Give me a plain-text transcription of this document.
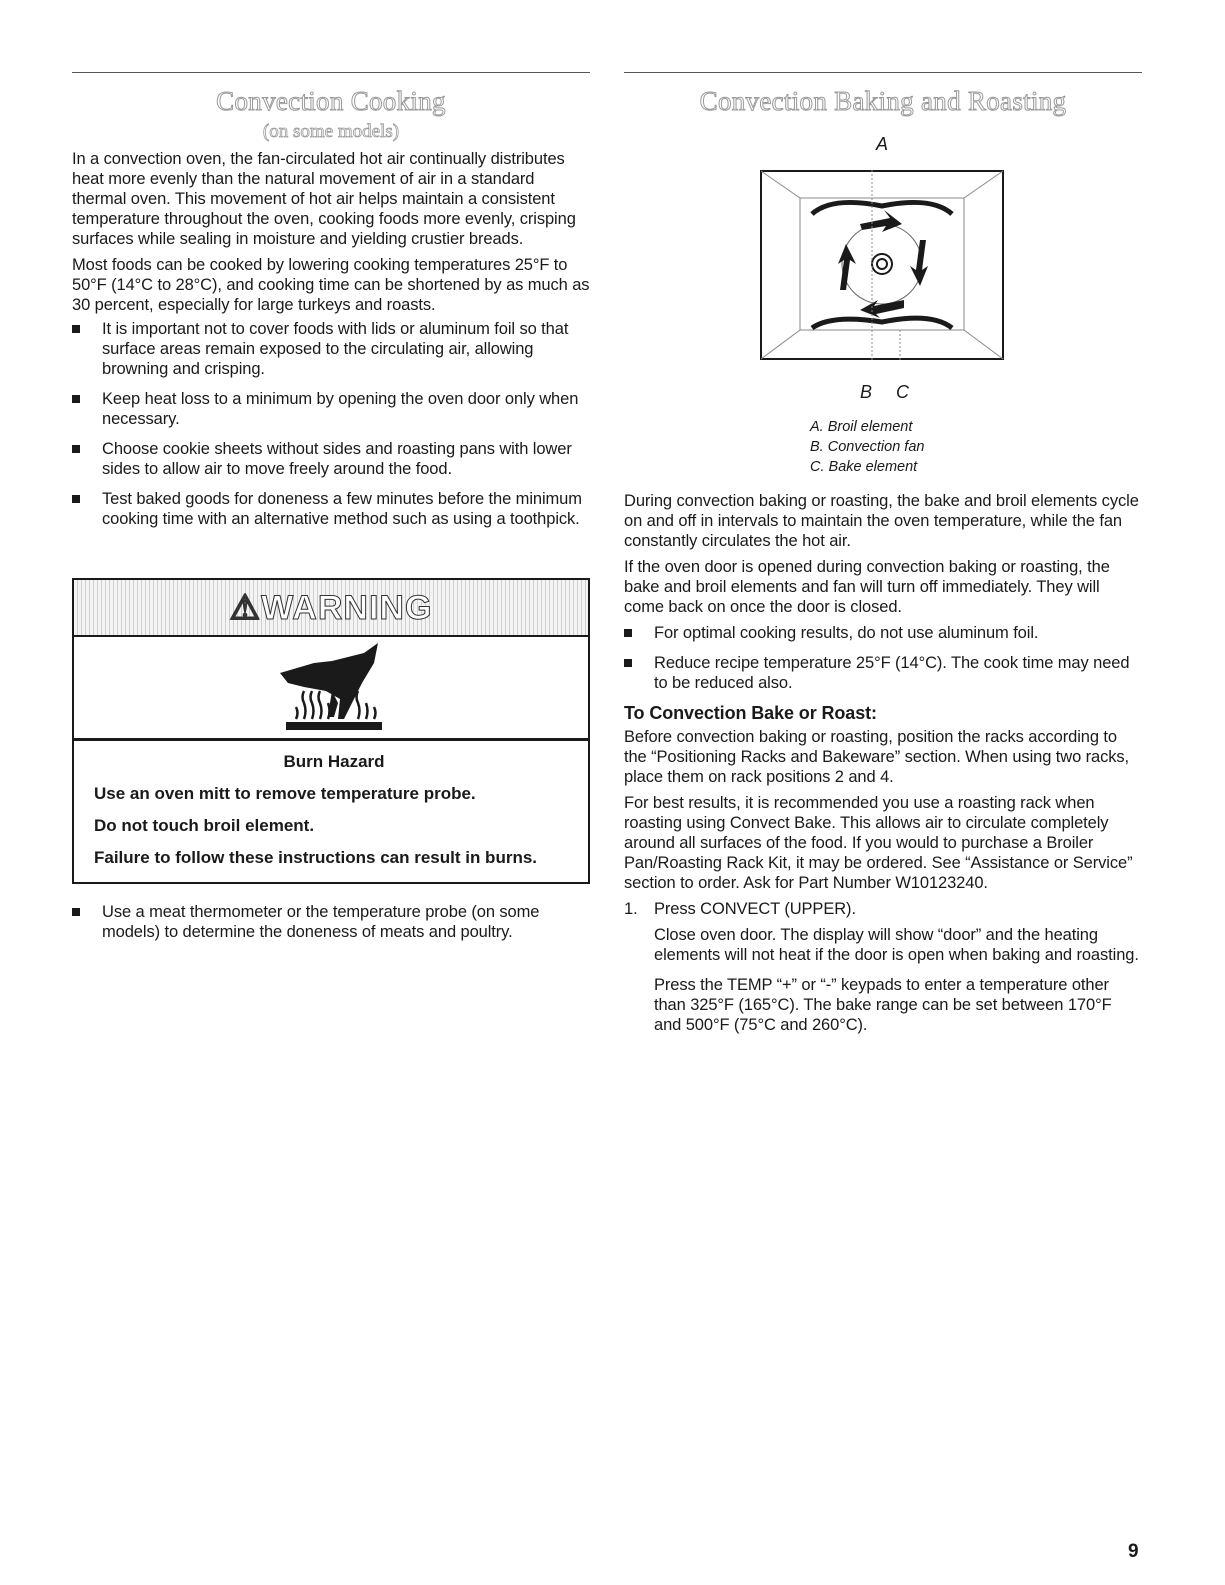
Convection Cooking
(on some models)

In a convection oven, the fan-circulated hot air continually distributes heat more evenly than the natural movement of air in a standard thermal oven. This movement of hot air helps maintain a consistent temperature throughout the oven, cooking foods more evenly, crisping surfaces while sealing in moisture and yielding crustier breads.

Most foods can be cooked by lowering cooking temperatures 25°F to 50°F (14°C to 28°C), and cooking time can be shortened by as much as 30 percent, especially for large turkeys and roasts.

It is important not to cover foods with lids or aluminum foil so that surface areas remain exposed to the circulating air, allowing browning and crisping.
Keep heat loss to a minimum by opening the oven door only when necessary.
Choose cookie sheets without sides and roasting pans with lower sides to allow air to move freely around the food.
Test baked goods for doneness a few minutes before the minimum cooking time with an alternative method such as using a toothpick.
⚠WARNING
Burn Hazard
Use an oven mitt to remove temperature probe.
Do not touch broil element.
Failure to follow these instructions can result in burns.
Use a meat thermometer or the temperature probe (on some models) to determine the doneness of meats and poultry.
Convection Baking and Roasting
A
B C
A. Broil element
B. Convection fan
C. Bake element

During convection baking or roasting, the bake and broil elements cycle on and off in intervals to maintain the oven temperature, while the fan constantly circulates the hot air.

If the oven door is opened during convection baking or roasting, the bake and broil elements and fan will turn off immediately. They will come back on once the door is closed.

For optimal cooking results, do not use aluminum foil.
Reduce recipe temperature 25°F (14°C). The cook time may need to be reduced also.
To Convection Bake or Roast:

Before convection baking or roasting, position the racks according to the “Positioning Racks and Bakeware” section. When using two racks, place them on rack positions 2 and 4.

For best results, it is recommended you use a roasting rack when roasting using Convect Bake. This allows air to circulate completely around all surfaces of the food. If you would to purchase a Broiler Pan/Roasting Rack Kit, it may be ordered. See “Assistance or Service” section to order. Ask for Part Number W10123240.

1. Press CONVECT (UPPER).

Close oven door. The display will show “door” and the heating elements will not heat if the door is open when baking and roasting.

Press the TEMP “+” or “-” keypads to enter a temperature other than 325°F (165°C). The bake range can be set between 170°F and 500°F (75°C and 260°C).

9
